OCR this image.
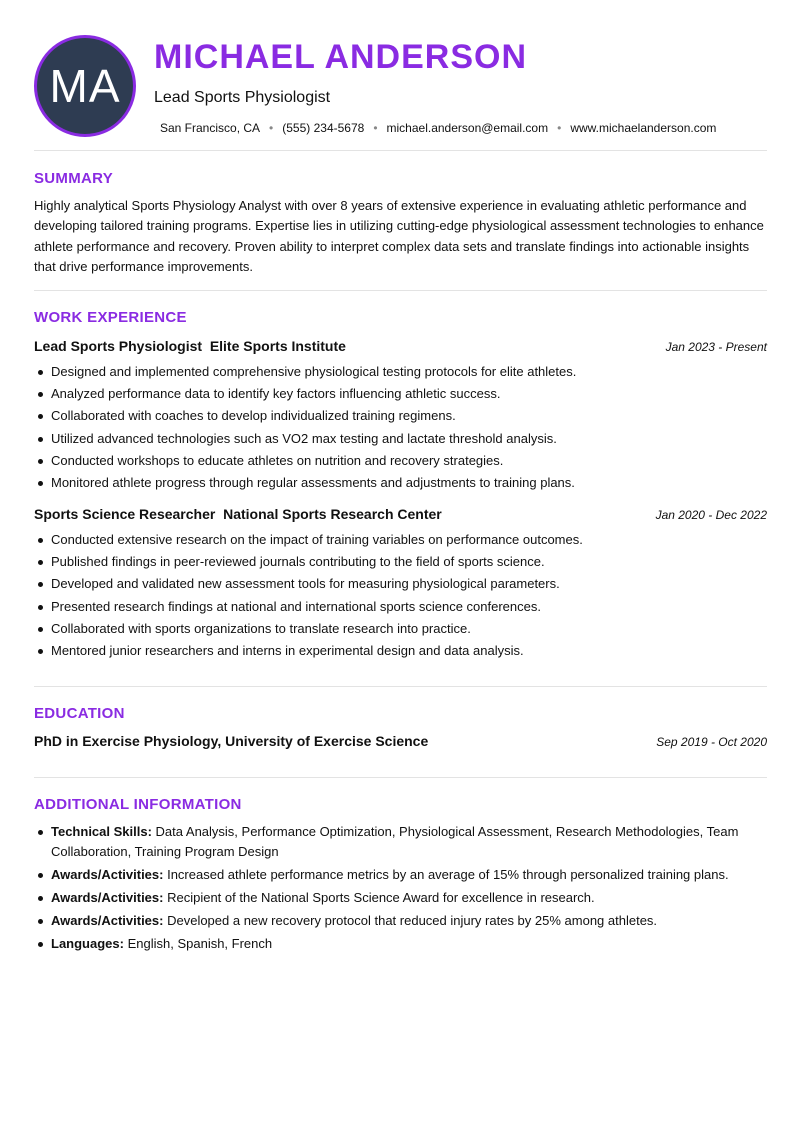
MA
MICHAEL ANDERSON
Lead Sports Physiologist
San Francisco, CA • (555) 234-5678 • michael.anderson@email.com • www.michaelanderson.com
SUMMARY

Highly analytical Sports Physiology Analyst with over 8 years of extensive experience in evaluating athletic performance and developing tailored training programs. Expertise lies in utilizing cutting-edge physiological assessment technologies to enhance athlete performance and recovery. Proven ability to interpret complex data sets and translate findings into actionable insights that drive performance improvements.

WORK EXPERIENCE
Lead Sports Physiologist Elite Sports Institute	Jan 2023 - Present
Designed and implemented comprehensive physiological testing protocols for elite athletes.
Analyzed performance data to identify key factors influencing athletic success.
Collaborated with coaches to develop individualized training regimens.
Utilized advanced technologies such as VO2 max testing and lactate threshold analysis.
Conducted workshops to educate athletes on nutrition and recovery strategies.
Monitored athlete progress through regular assessments and adjustments to training plans.
Sports Science Researcher National Sports Research Center	Jan 2020 - Dec 2022
Conducted extensive research on the impact of training variables on performance outcomes.
Published findings in peer-reviewed journals contributing to the field of sports science.
Developed and validated new assessment tools for measuring physiological parameters.
Presented research findings at national and international sports science conferences.
Collaborated with sports organizations to translate research into practice.
Mentored junior researchers and interns in experimental design and data analysis.
EDUCATION
PhD in Exercise Physiology, University of Exercise Science	Sep 2019 - Oct 2020
ADDITIONAL INFORMATION
Technical Skills: Data Analysis, Performance Optimization, Physiological Assessment, Research Methodologies, Team Collaboration, Training Program Design
Awards/Activities: Increased athlete performance metrics by an average of 15% through personalized training plans.
Awards/Activities: Recipient of the National Sports Science Award for excellence in research.
Awards/Activities: Developed a new recovery protocol that reduced injury rates by 25% among athletes.
Languages: English, Spanish, French
